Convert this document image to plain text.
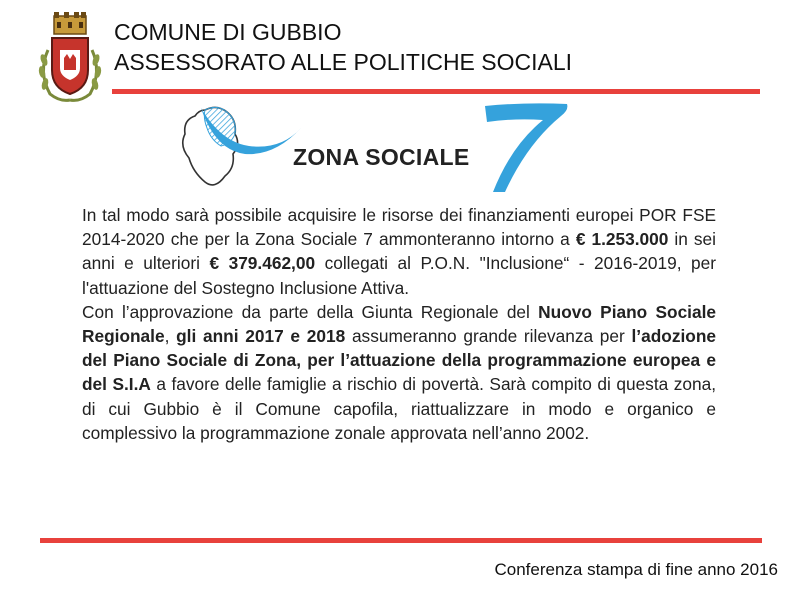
COMUNE DI GUBBIO
ASSESSORATO ALLE POLITICHE SOCIALI
ZONA SOCIALE

In tal modo sarà possibile acquisire le risorse dei finanziamenti europei POR FSE 2014-2020 che per la Zona Sociale 7 ammonteranno intorno a € 1.253.000 in sei anni e ulteriori € 379.462,00 collegati al P.O.N. "Inclusione“ - 2016-2019, per l'attuazione del Sostegno Inclusione Attiva.

Con l’approvazione da parte della Giunta Regionale del Nuovo Piano Sociale Regionale, gli anni 2017 e 2018 assumeranno grande rilevanza per l’adozione del Piano Sociale di Zona, per l’attuazione della programmazione europea e del S.I.A a favore delle famiglie a rischio di povertà. Sarà compito di questa zona, di cui Gubbio è il Comune capofila, riattualizzare in modo e organico e complessivo la programmazione zonale approvata nell’anno 2002.

Conferenza stampa di fine anno 2016
